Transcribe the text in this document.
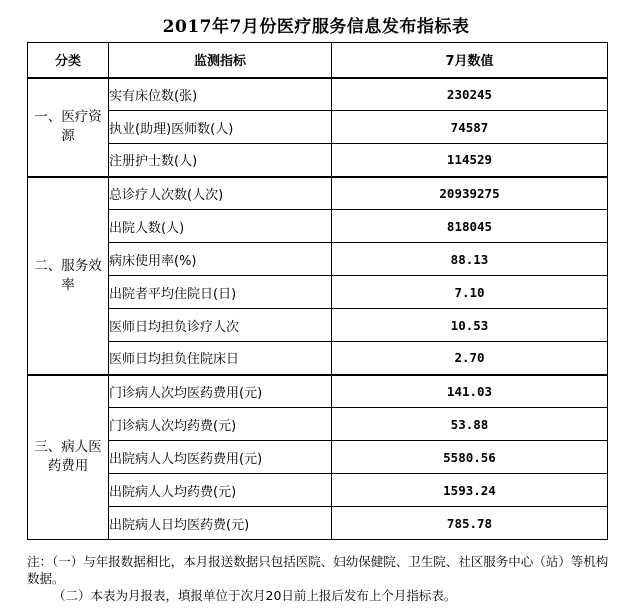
2017年7月份医疗服务信息发布指标表
分类	监测指标	7月数值
一、医疗资源	实有床位数(张)	230245
	执业(助理)医师数(人)	74587
	注册护士数(人)	114529
二、服务效率	总诊疗人次数(人次)	20939275
	出院人数(人)	818045
	病床使用率(%)	88.13
	出院者平均住院日(日)	7.10
	医师日均担负诊疗人次	10.53
	医师日均担负住院床日	2.70
三、病人医药费用	门诊病人次均医药费用(元)	141.03
	门诊病人次均药费(元)	53.88
	出院病人人均医药费用(元)	5580.56
	出院病人人均药费(元)	1593.24
	出院病人日均医药费(元)	785.78

注：（一）与年报数据相比，本月报送数据只包括医院、妇幼保健院、卫生院、社区服务中心（站）等机构数据。

（二）本表为月报表，填报单位于次月20日前上报后发布上个月指标表。
